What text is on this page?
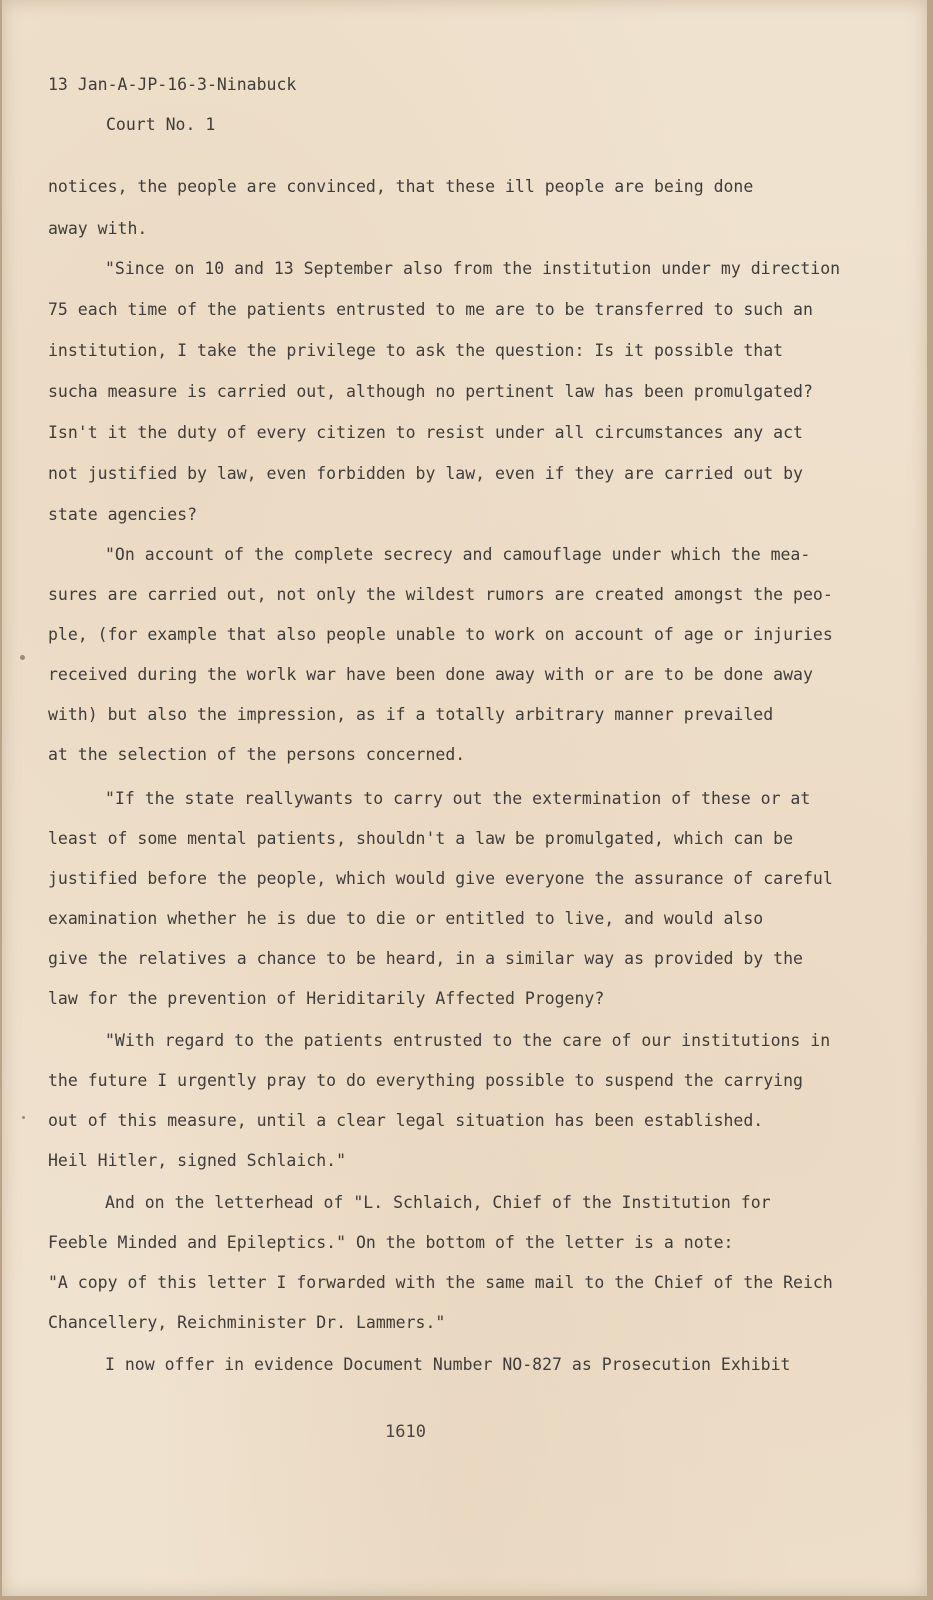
13 Jan-A-JP-16-3-Ninabuck
Court No. 1
notices, the people are convinced, that these ill people are being done
away with.
"Since on 10 and 13 September also from the institution under my direction
75 each time of the patients entrusted to me are to be transferred to such an
institution, I take the privilege to ask the question: Is it possible that
sucha measure is carried out, although no pertinent law has been promulgated?
Isn't it the duty of every citizen to resist under all circumstances any act
not justified by law, even forbidden by law, even if they are carried out by
state agencies?
"On account of the complete secrecy and camouflage under which the mea-
sures are carried out, not only the wildest rumors are created amongst the peo-
ple, (for example that also people unable to work on account of age or injuries
received during the worlk war have been done away with or are to be done away
with) but also the impression, as if a totally arbitrary manner prevailed
at the selection of the persons concerned.
"If the state reallywants to carry out the extermination of these or at
least of some mental patients, shouldn't a law be promulgated, which can be
justified before the people, which would give everyone the assurance of careful
examination whether he is due to die or entitled to live, and would also
give the relatives a chance to be heard, in a similar way as provided by the
law for the prevention of Heriditarily Affected Progeny?
"With regard to the patients entrusted to the care of our institutions in
the future I urgently pray to do everything possible to suspend the carrying
out of this measure, until a clear legal situation has been established.
Heil Hitler, signed Schlaich."
And on the letterhead of "L. Schlaich, Chief of the Institution for
Feeble Minded and Epileptics." On the bottom of the letter is a note:
"A copy of this letter I forwarded with the same mail to the Chief of the Reich
Chancellery, Reichminister Dr. Lammers."
I now offer in evidence Document Number NO-827 as Prosecution Exhibit
1610
